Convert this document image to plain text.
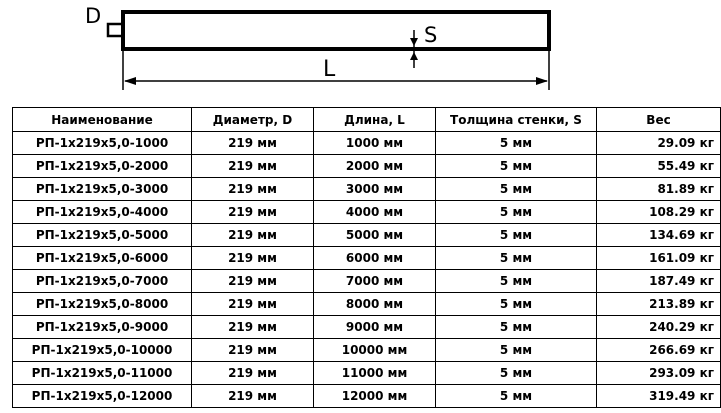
D
S
L
Наименование	Диаметр, D	Длина, L	Толщина стенки, S	Вес
РП-1х219х5,0-1000	219 мм	1000 мм	5 мм	29.09 кг
РП-1х219х5,0-2000	219 мм	2000 мм	5 мм	55.49 кг
РП-1х219х5,0-3000	219 мм	3000 мм	5 мм	81.89 кг
РП-1х219х5,0-4000	219 мм	4000 мм	5 мм	108.29 кг
РП-1х219х5,0-5000	219 мм	5000 мм	5 мм	134.69 кг
РП-1х219х5,0-6000	219 мм	6000 мм	5 мм	161.09 кг
РП-1х219х5,0-7000	219 мм	7000 мм	5 мм	187.49 кг
РП-1х219х5,0-8000	219 мм	8000 мм	5 мм	213.89 кг
РП-1х219х5,0-9000	219 мм	9000 мм	5 мм	240.29 кг
РП-1х219х5,0-10000	219 мм	10000 мм	5 мм	266.69 кг
РП-1х219х5,0-11000	219 мм	11000 мм	5 мм	293.09 кг
РП-1х219х5,0-12000	219 мм	12000 мм	5 мм	319.49 кг
